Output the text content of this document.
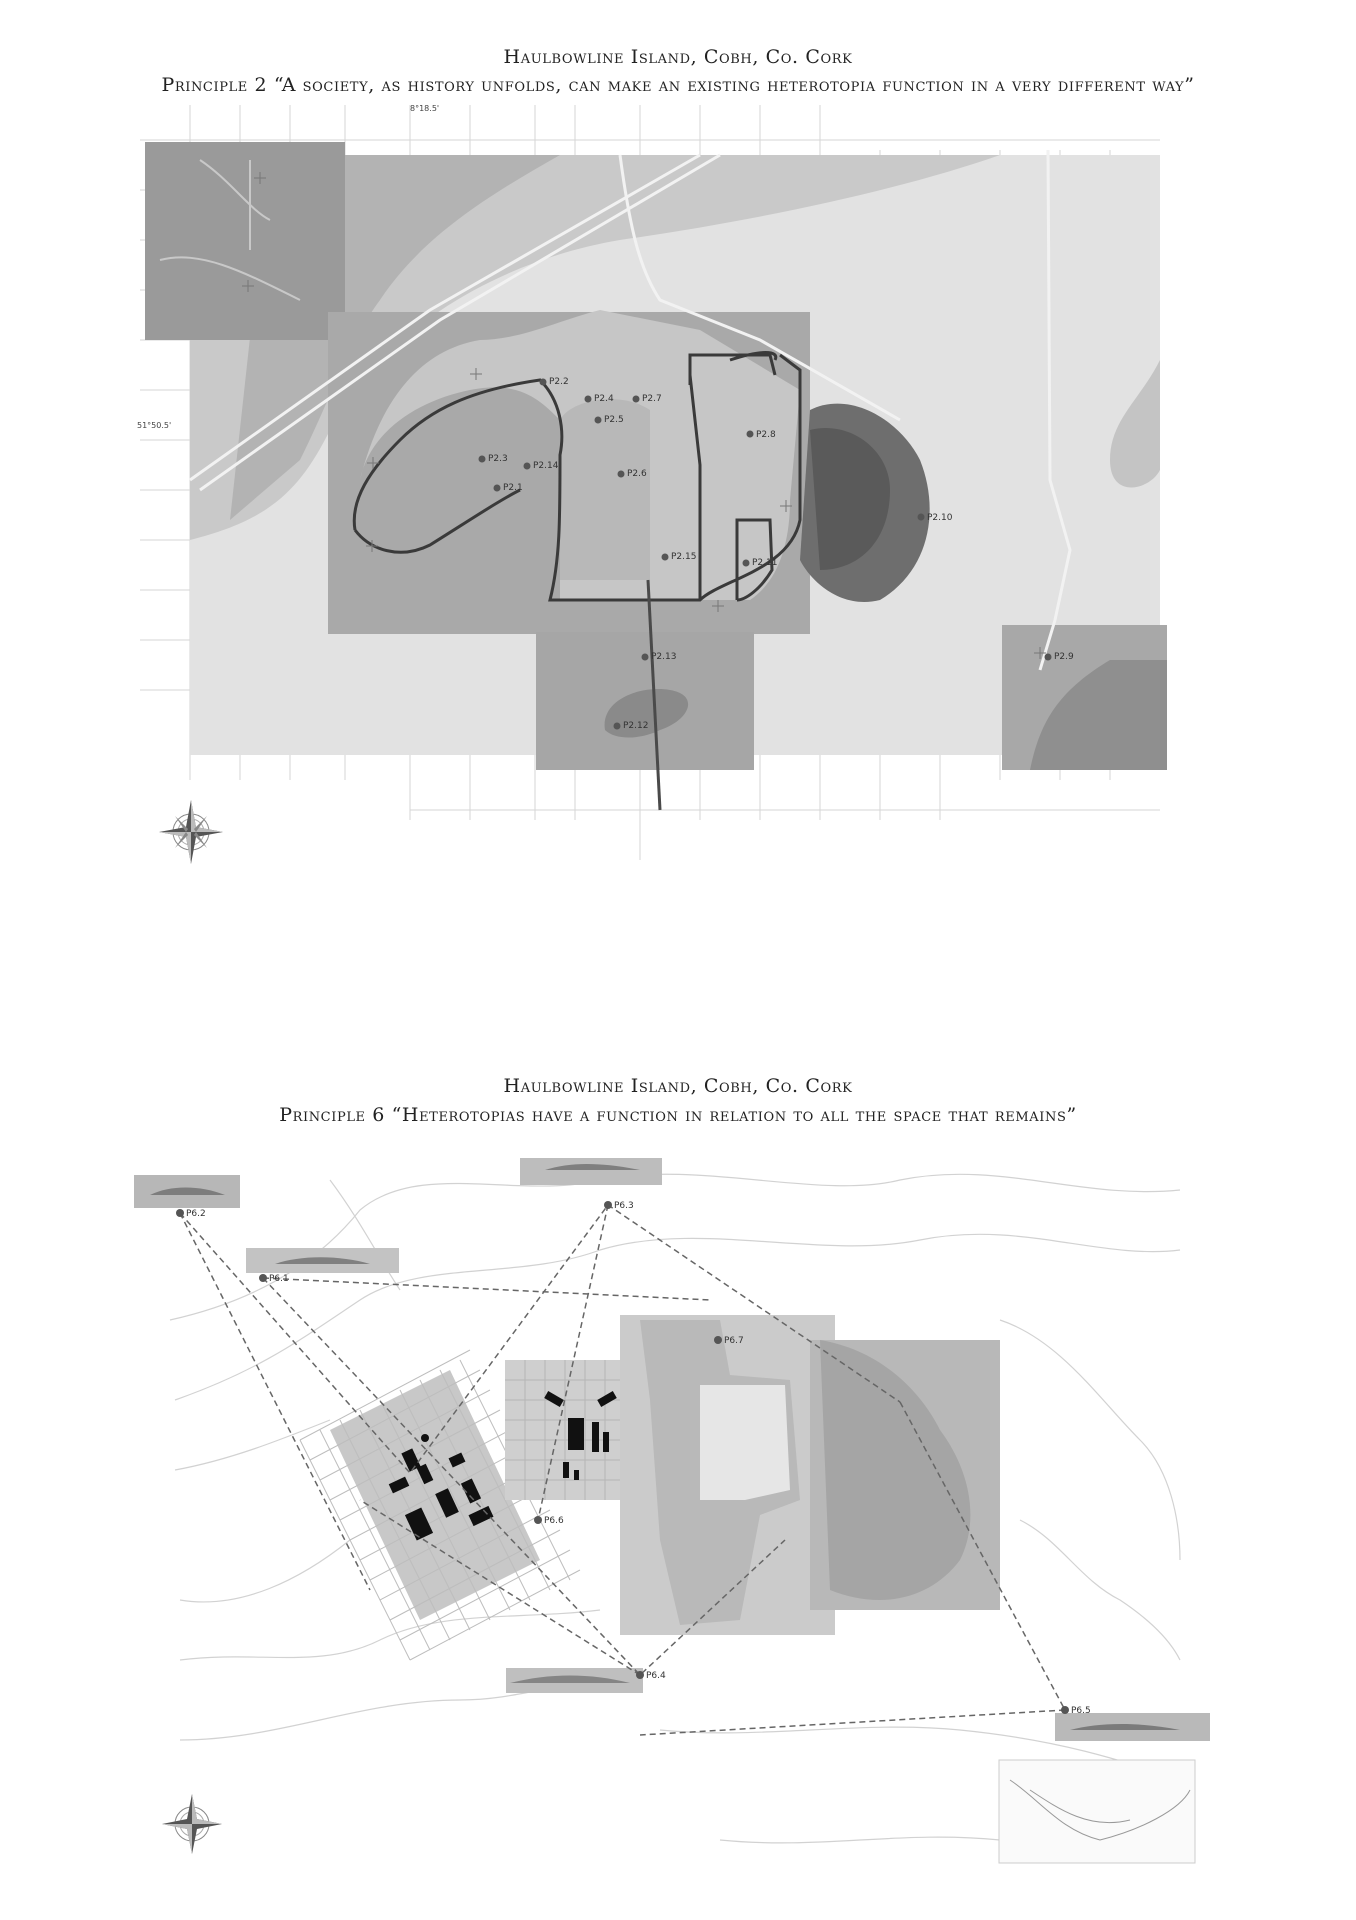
Haulbowline Island, Cobh, Co. Cork
Principle 2 “A society, as history unfolds, can make an existing heterotopia function in a very different way”
8°18.5'
51°50.5'
P2.1
P2.2
P2.3
P2.4
P2.5
P2.6
P2.7
P2.8
P2.9
P2.10
P2.11
P2.12
P2.13
P2.14
P2.15
Haulbowline Island, Cobh, Co. Cork
Principle 6 “Heterotopias have a function in relation to all the space that remains”
P6.1
P6.2
P6.3
P6.4
P6.5
P6.6
P6.7
